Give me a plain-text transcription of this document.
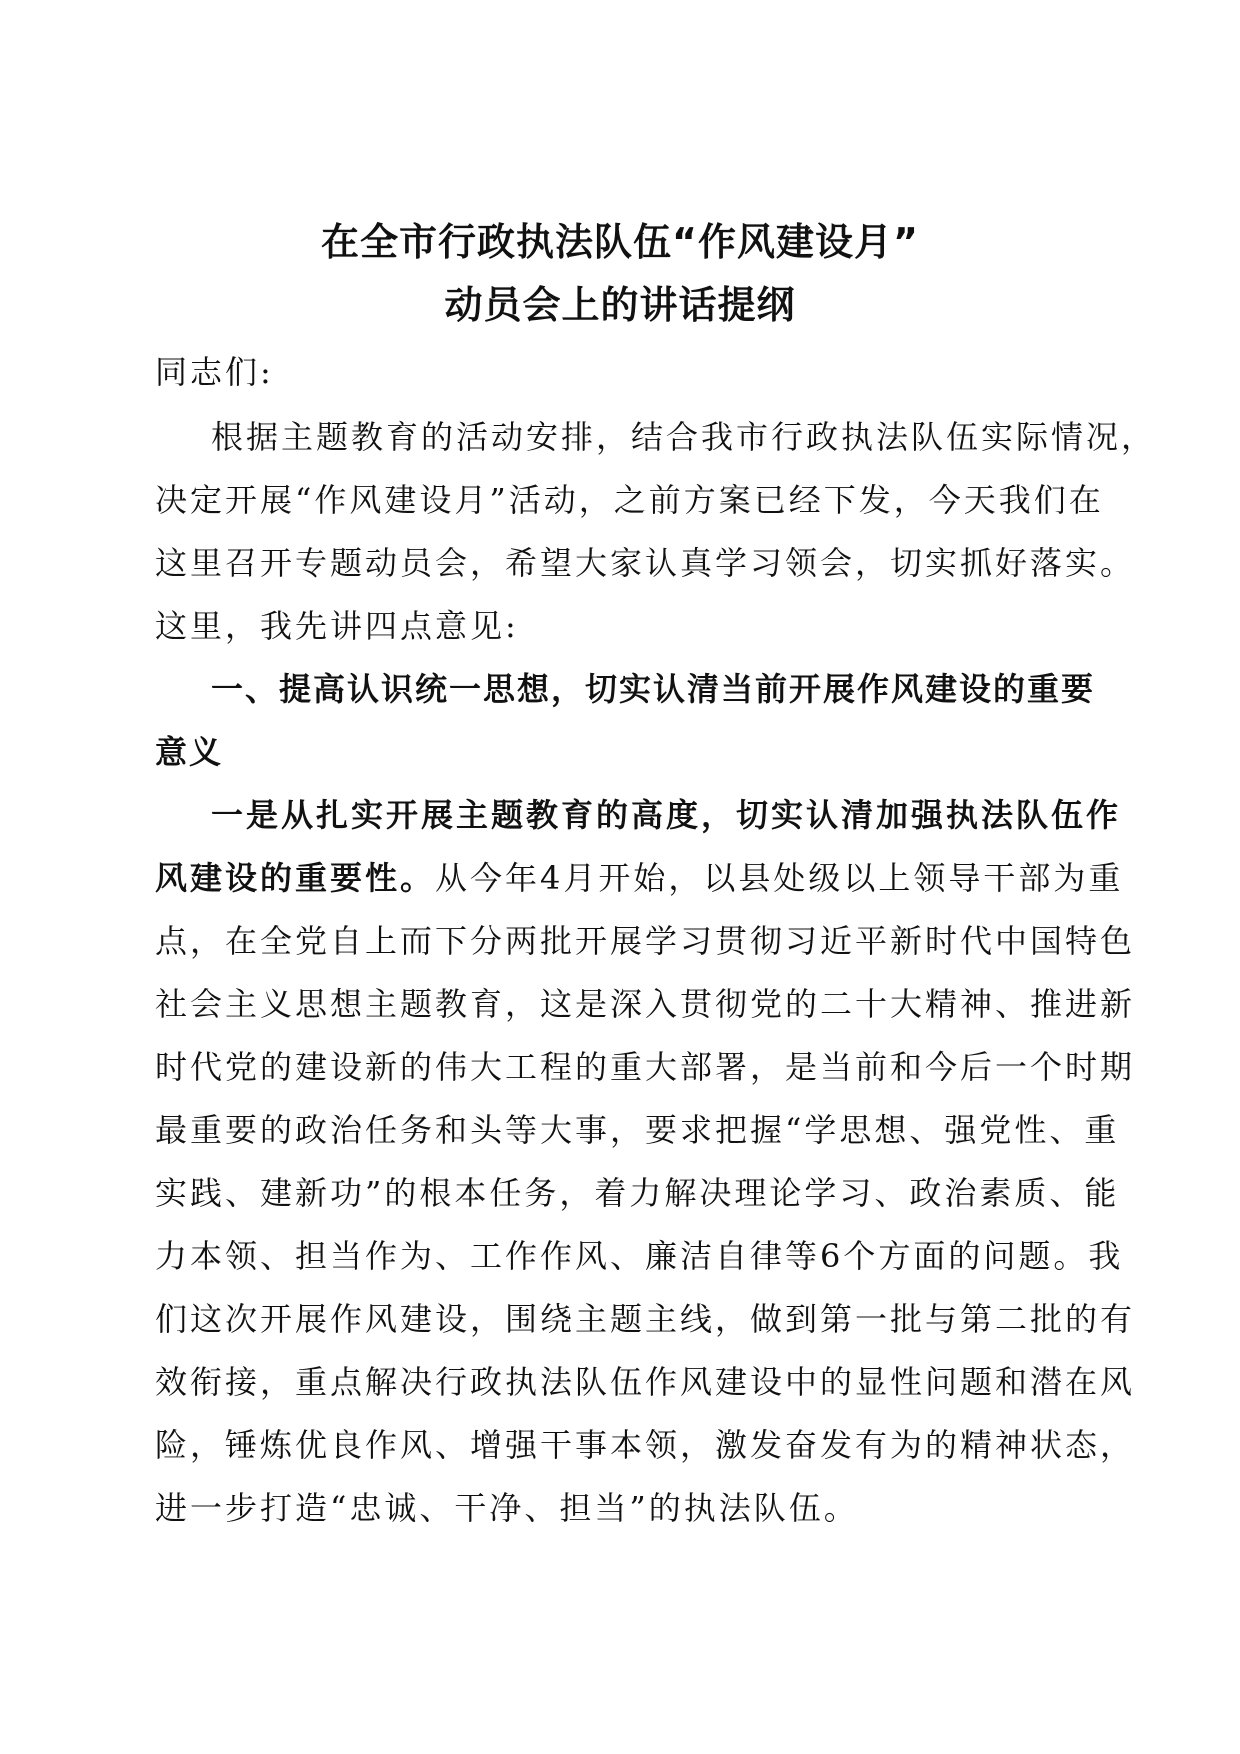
在全市行政执法队伍“作风建设月”
动员会上的讲话提纲
同志们:
根据主题教育的活动安排，结合我市行政执法队伍实际情况，
决定开展“作风建设月”活动，之前方案已经下发，今天我们在
这里召开专题动员会，希望大家认真学习领会，切实抓好落实。
这里，我先讲四点意见:
一、提高认识统一思想，切实认清当前开展作风建设的重要
意义
一是从扎实开展主题教育的高度，切实认清加强执法队伍作
风建设的重要性。从今年4月开始，以县处级以上领导干部为重
点，在全党自上而下分两批开展学习贯彻习近平新时代中国特色
社会主义思想主题教育，这是深入贯彻党的二十大精神、推进新
时代党的建设新的伟大工程的重大部署，是当前和今后一个时期
最重要的政治任务和头等大事，要求把握“学思想、强党性、重
实践、建新功”的根本任务，着力解决理论学习、政治素质、能
力本领、担当作为、工作作风、廉洁自律等6个方面的问题。我
们这次开展作风建设，围绕主题主线，做到第一批与第二批的有
效衔接，重点解决行政执法队伍作风建设中的显性问题和潜在风
险，锤炼优良作风、增强干事本领，激发奋发有为的精神状态，
进一步打造“忠诚、干净、担当”的执法队伍。
